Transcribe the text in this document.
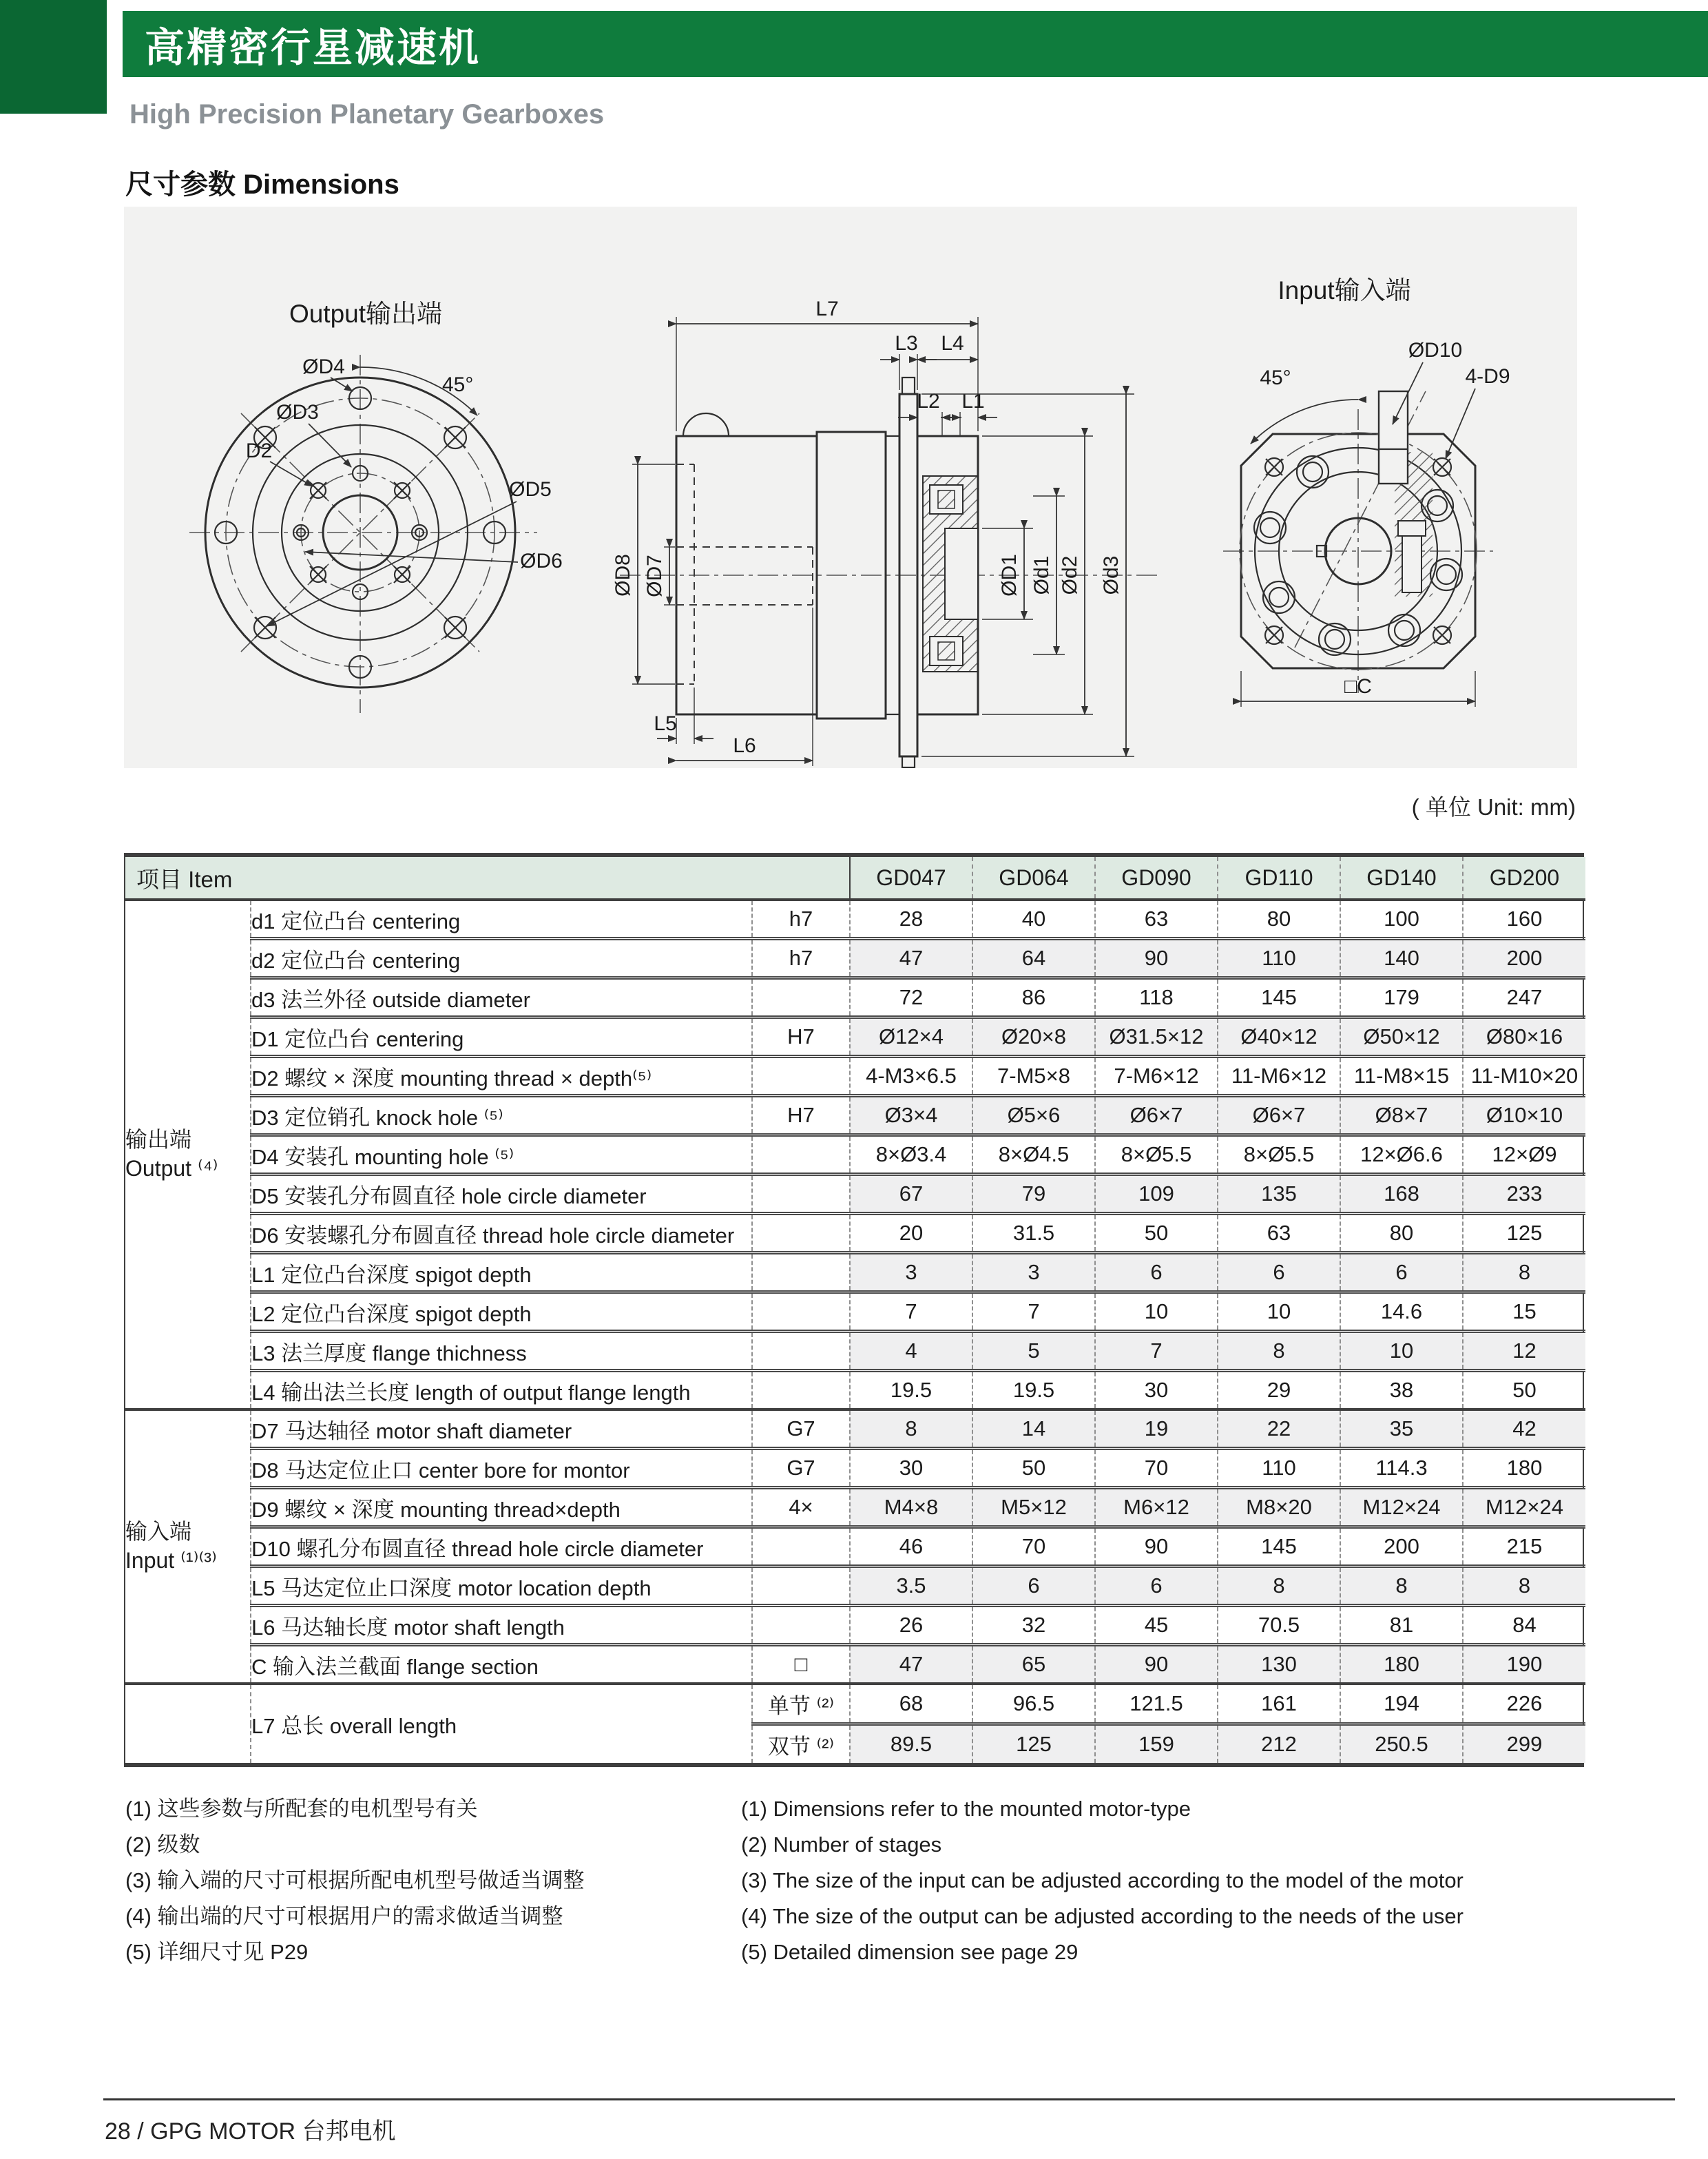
高精密行星减速机
High Precision Planetary Gearboxes
尺寸参数 Dimensions
Output输出端
45°
ØD4
ØD3
D2
ØD5
ØD6
L7
L3 L4
L2 L1
ØD8 ØD7	ØD1 Ød1 Ød2 Ød3
L5
L6
Input输入端
45°
ØD10
4-D9
□C
( 单位 Unit: mm)
项目 Item			GD047	GD064	GD090	GD110	GD140	GD200

输出端
Output ⁽⁴⁾	d1 定位凸台 centering	h7	28	40	63	80	100	160
	d2 定位凸台 centering	h7	47	64	90	110	140	200
	d3 法兰外径 outside diameter		72	86	118	145	179	247
	D1 定位凸台 centering	H7	Ø12×4	Ø20×8	Ø31.5×12	Ø40×12	Ø50×12	Ø80×16
	D2 螺纹 × 深度 mounting thread × depth⁽⁵⁾		4-M3×6.5	7-M5×8	7-M6×12	11-M6×12	11-M8×15	11-M10×20
	D3 定位销孔 knock hole ⁽⁵⁾	H7	Ø3×4	Ø5×6	Ø6×7	Ø6×7	Ø8×7	Ø10×10
	D4 安装孔 mounting hole ⁽⁵⁾		8×Ø3.4	8×Ø4.5	8×Ø5.5	8×Ø5.5	12×Ø6.6	12×Ø9
	D5 安装孔分布圆直径 hole circle diameter		67	79	109	135	168	233
	D6 安装螺孔分布圆直径 thread hole circle diameter		20	31.5	50	63	80	125
	L1 定位凸台深度 spigot depth		3	3	6	6	6	8
	L2 定位凸台深度 spigot depth		7	7	10	10	14.6	15
	L3 法兰厚度 flange thichness		4	5	7	8	10	12
	L4 输出法兰长度 length of output flange length		19.5	19.5	30	29	38	50

输入端
Input ⁽¹⁾⁽³⁾	D7 马达轴径 motor shaft diameter	G7	8	14	19	22	35	42
	D8 马达定位止口 center bore for montor	G7	30	50	70	110	114.3	180
	D9 螺纹 × 深度 mounting thread×depth	4×	M4×8	M5×12	M6×12	M8×20	M12×24	M12×24
	D10 螺孔分布圆直径 thread hole circle diameter		46	70	90	145	200	215
	L5 马达定位止口深度 motor location depth		3.5	6	6	8	8	8
	L6 马达轴长度 motor shaft length		26	32	45	70.5	81	84
	C 输入法兰截面 flange section	□	47	65	90	130	180	190
	L7 总长 overall length	单节 ⁽²⁾	68	96.5	121.5	161	194	226
		双节 ⁽²⁾	89.5	125	159	212	250.5	299
(1) 这些参数与所配套的电机型号有关
(2) 级数
(3) 输入端的尺寸可根据所配电机型号做适当调整
(4) 输出端的尺寸可根据用户的需求做适当调整
(5) 详细尺寸见 P29
(1) Dimensions refer to the mounted motor-type
(2) Number of stages
(3) The size of the input can be adjusted according to the model of the motor
(4) The size of the output can be adjusted according to the needs of the user
(5) Detailed dimension see page 29
28 / GPG MOTOR 台邦电机
